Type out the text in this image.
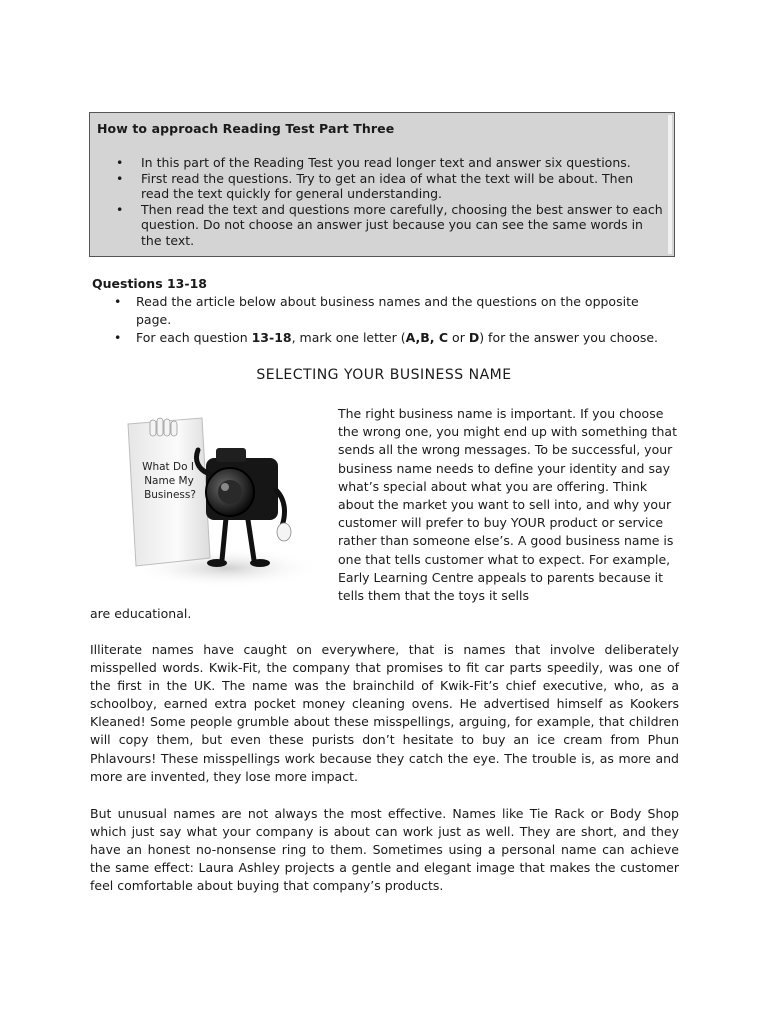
How to approach Reading Test Part Three
• In this part of the Reading Test you read longer text and answer six questions.
• First read the questions. Try to get an idea of what the text will be about. Then read the text quickly for general understanding.
• Then read the text and questions more carefully, choosing the best answer to each question. Do not choose an answer just because you can see the same words in the text.
Questions 13-18
• Read the article below about business names and the questions on the opposite page.
• For each question 13-18, mark one letter (A,B, C or D) for the answer you choose.
SELECTING YOUR BUSINESS NAME
What Do I
Name My
Business?
The right business name is important. If you choose the wrong one, you might end up with something that sends all the wrong messages. To be successful, your business name needs to define your identity and say what’s special about what you are offering. Think about the market you want to sell into, and why your customer will prefer to buy YOUR product or service rather than someone else’s. A good business name is one that tells customer what to expect. For example, Early Learning Centre appeals to parents because it tells them that the toys it sells
are educational.

Illiterate names have caught on everywhere, that is names that involve deliberately misspelled words. Kwik-Fit, the company that promises to fit car parts speedily, was one of the first in the UK. The name was the brainchild of Kwik-Fit’s chief executive, who, as a schoolboy, earned extra pocket money cleaning ovens. He advertised himself as Kookers Kleaned! Some people grumble about these misspellings, arguing, for example, that children will copy them, but even these purists don’t hesitate to buy an ice cream from Phun Phlavours! These misspellings work because they catch the eye. The trouble is, as more and more are invented, they lose more impact.

But unusual names are not always the most effective. Names like Tie Rack or Body Shop which just say what your company is about can work just as well. They are short, and they have an honest no-nonsense ring to them. Sometimes using a personal name can achieve the same effect: Laura Ashley projects a gentle and elegant image that makes the customer feel comfortable about buying that company’s products.
